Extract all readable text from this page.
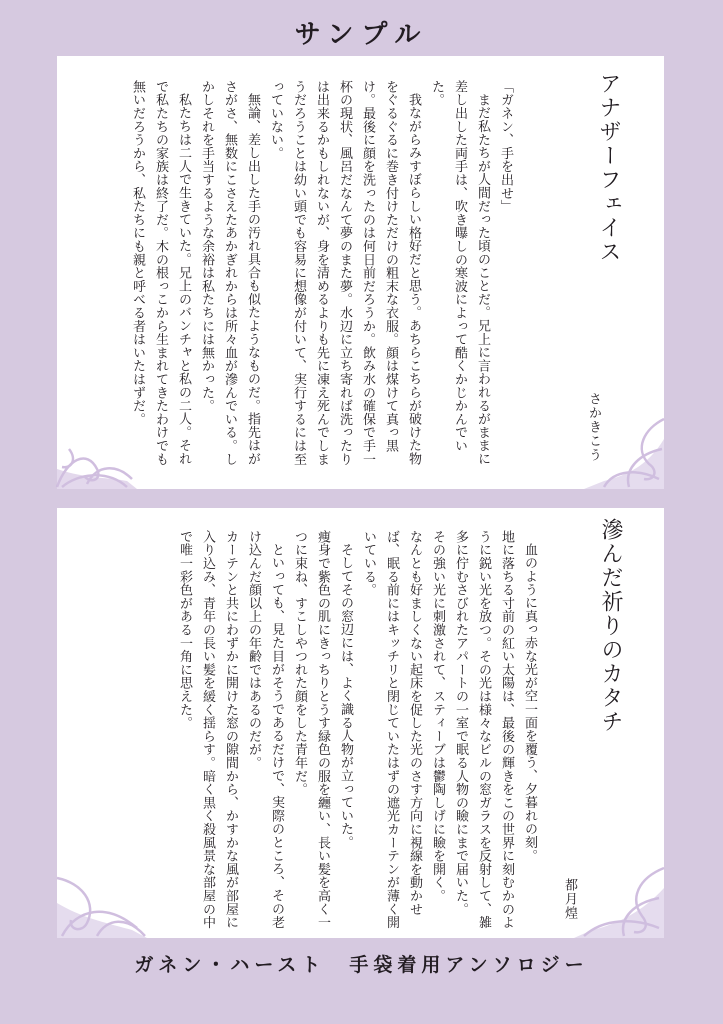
サンプル
アナザーフェイス
さかきこう

「ガネン、手を出せ」

まだ私たちが人間だった頃のことだ。兄上に言われるがままに差し出した両手は、吹き曝しの寒波によって酷くかじかんでいた。

我ながらみすぼらしい格好だと思う。あちらこちらが破けた物をぐるぐるに巻き付けただけの粗末な衣服。顔は煤けて真っ黒け。最後に顔を洗ったのは何日前だろうか。飲み水の確保で手一杯の現状、風呂だなんて夢のまた夢。水辺に立ち寄れば洗ったりは出来るかもしれないが、身を清めるよりも先に凍え死んでしまうだろうことは幼い頭でも容易に想像が付いて、実行するには至っていない。

無論、差し出した手の汚れ具合も似たようなものだ。指先はがさがさ、無数にこさえたあかぎれからは所々血が滲んでいる。しかしそれを手当するような余裕は私たちには無かった。

私たちは二人で生きていた。兄上のバンチャと私の二人。それで私たちの家族は終了だ。木の根っこから生まれてきたわけでも無いだろうから、私たちにも親と呼べる者はいたはずだ。

滲んだ祈りのカタチ
都月煌

血のように真っ赤な光が空一面を覆う、夕暮れの刻。

地に落ちる寸前の紅い太陽は、最後の輝きをこの世界に刻むかのように鋭い光を放つ。その光は様々なビルの窓ガラスを反射して、雑多に佇むさびれたアパートの一室で眠る人物の瞼にまで届いた。

その強い光に刺激されて、スティーブは鬱陶しげに瞼を開く。

なんとも好ましくない起床を促した光のさす方向に視線を動かせば、眠る前にはキッチリと閉じていたはずの遮光カーテンが薄く開いている。

そしてその窓辺には、よく識る人物が立っていた。

痩身で紫色の肌にきっちりとうす緑色の服を纏い、長い髪を高く一つに束ね、すこしやつれた顔をした青年だ。

といっても、見た目がそうであるだけで、実際のところ、その老け込んだ顔以上の年齢ではあるのだが。

カーテンと共にわずかに開けた窓の隙間から、かすかな風が部屋に入り込み、青年の長い髪を緩く揺らす。暗く黒く殺風景な部屋の中で唯一彩色がある一角に思えた。

ガネン・ハースト　手袋着用アンソロジー
